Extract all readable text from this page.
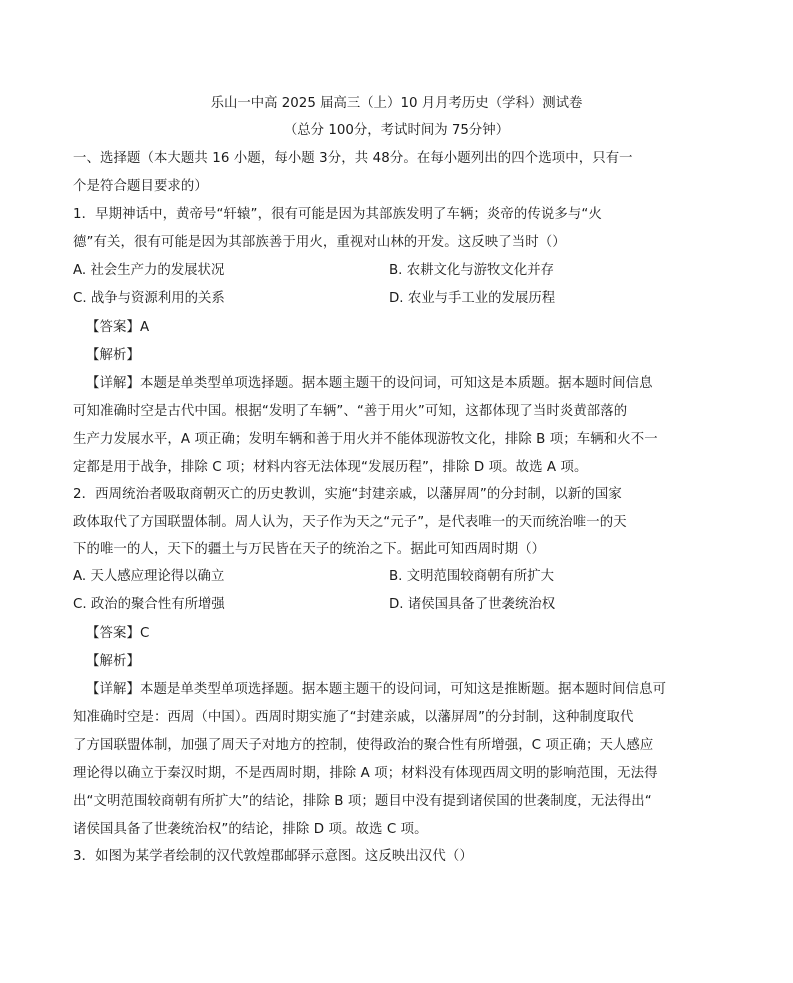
乐山一中高 2025 届高三（上）10 月月考历史（学科）测试卷
（总分 100分，考试时间为 75分钟）
一、选择题（本大题共 16 小题，每小题 3分，共 48分。在每小题列出的四个选项中，只有一
个是符合题目要求的）
1．早期神话中，黄帝号“轩辕”，很有可能是因为其部族发明了车辆；炎帝的传说多与“火
德”有关，很有可能是因为其部族善于用火，重视对山林的开发。这反映了当时（）
A. 社会生产力的发展状况	B. 农耕文化与游牧文化并存
C. 战争与资源利用的关系	D. 农业与手工业的发展历程
【答案】A
【解析】
【详解】本题是单类型单项选择题。据本题主题干的设问词，可知这是本质题。据本题时间信息
可知准确时空是古代中国。根据“发明了车辆”、“善于用火”可知，这都体现了当时炎黄部落的
生产力发展水平，A 项正确；发明车辆和善于用火并不能体现游牧文化，排除 B 项；车辆和火不一
定都是用于战争，排除 C 项；材料内容无法体现“发展历程”，排除 D 项。故选 A 项。
2．西周统治者吸取商朝灭亡的历史教训，实施“封建亲戚，以藩屏周”的分封制，以新的国家
政体取代了方国联盟体制。周人认为，天子作为天之“元子”，是代表唯一的天而统治唯一的天
下的唯一的人，天下的疆土与万民皆在天子的统治之下。据此可知西周时期（）
A. 天人感应理论得以确立	B. 文明范围较商朝有所扩大
C. 政治的聚合性有所增强	D. 诸侯国具备了世袭统治权
【答案】C
【解析】
【详解】本题是单类型单项选择题。据本题主题干的设问词，可知这是推断题。据本题时间信息可
知准确时空是：西周（中国）。西周时期实施了“封建亲戚，以藩屏周”的分封制，这种制度取代
了方国联盟体制，加强了周天子对地方的控制，使得政治的聚合性有所增强，C 项正确；天人感应
理论得以确立于秦汉时期，不是西周时期，排除 A 项；材料没有体现西周文明的影响范围，无法得
出“文明范围较商朝有所扩大”的结论，排除 B 项；题目中没有提到诸侯国的世袭制度，无法得出“
诸侯国具备了世袭统治权”的结论，排除 D 项。故选 C 项。
3．如图为某学者绘制的汉代敦煌郡邮驿示意图。这反映出汉代（）
